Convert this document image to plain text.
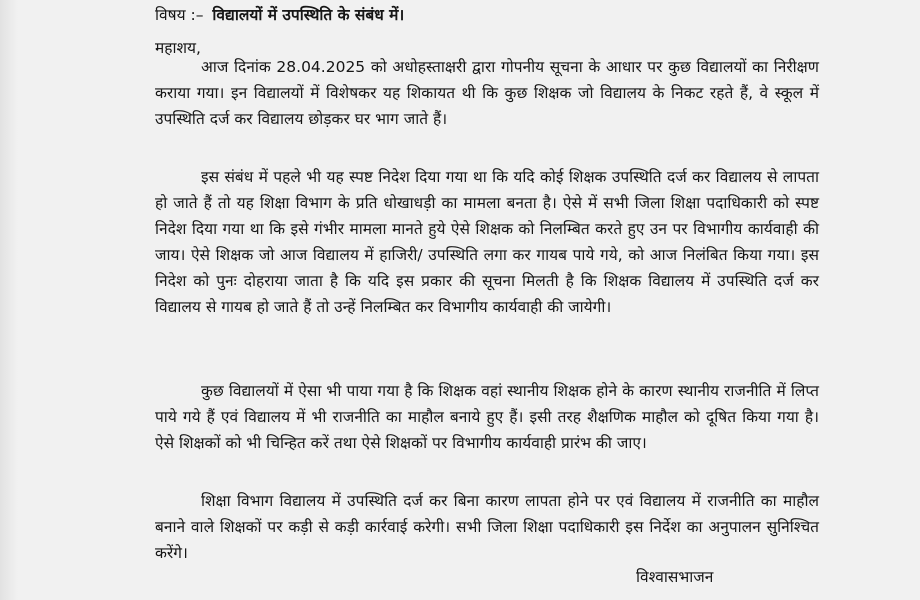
विषय :– विद्यालयों में उपस्थिति के संबंध में।
महाशय,

आज दिनांक 28.04.2025 को अधोहस्ताक्षरी द्वारा गोपनीय सूचना के आधार पर कुछ विद्यालयों का निरीक्षण कराया गया। इन विद्यालयों में विशेषकर यह शिकायत थी कि कुछ शिक्षक जो विद्यालय के निकट रहते हैं, वे स्कूल में उपस्थिति दर्ज कर विद्यालय छोड़कर घर भाग जाते हैं।

इस संबंध में पहले भी यह स्पष्ट निदेश दिया गया था कि यदि कोई शिक्षक उपस्थिति दर्ज कर विद्यालय से लापता हो जाते हैं तो यह शिक्षा विभाग के प्रति धोखाधड़ी का मामला बनता है। ऐसे में सभी जिला शिक्षा पदाधिकारी को स्पष्ट निदेश दिया गया था कि इसे गंभीर मामला मानते हुये ऐसे शिक्षक को निलम्बित करते हुए उन पर विभागीय कार्यवाही की जाय। ऐसे शिक्षक जो आज विद्यालय में हाजिरी/ उपस्थिति लगा कर गायब पाये गये, को आज निलंबित किया गया। इस निदेश को पुनः दोहराया जाता है कि यदि इस प्रकार की सूचना मिलती है कि शिक्षक विद्यालय में उपस्थिति दर्ज कर विद्यालय से गायब हो जाते हैं तो उन्हें निलम्बित कर विभागीय कार्यवाही की जायेगी।

कुछ विद्यालयों में ऐसा भी पाया गया है कि शिक्षक वहां स्थानीय शिक्षक होने के कारण स्थानीय राजनीति में लिप्त पाये गये हैं एवं विद्यालय में भी राजनीति का माहौल बनाये हुए हैं। इसी तरह शैक्षणिक माहौल को दूषित किया गया है। ऐसे शिक्षकों को भी चिन्हित करें तथा ऐसे शिक्षकों पर विभागीय कार्यवाही प्रारंभ की जाए।

शिक्षा विभाग विद्यालय में उपस्थिति दर्ज कर बिना कारण लापता होने पर एवं विद्यालय में राजनीति का माहौल बनाने वाले शिक्षकों पर कड़ी से कड़ी कार्रवाई करेगी। सभी जिला शिक्षा पदाधिकारी इस निर्देश का अनुपालन सुनिश्चित करेंगे।

विश्वासभाजन
